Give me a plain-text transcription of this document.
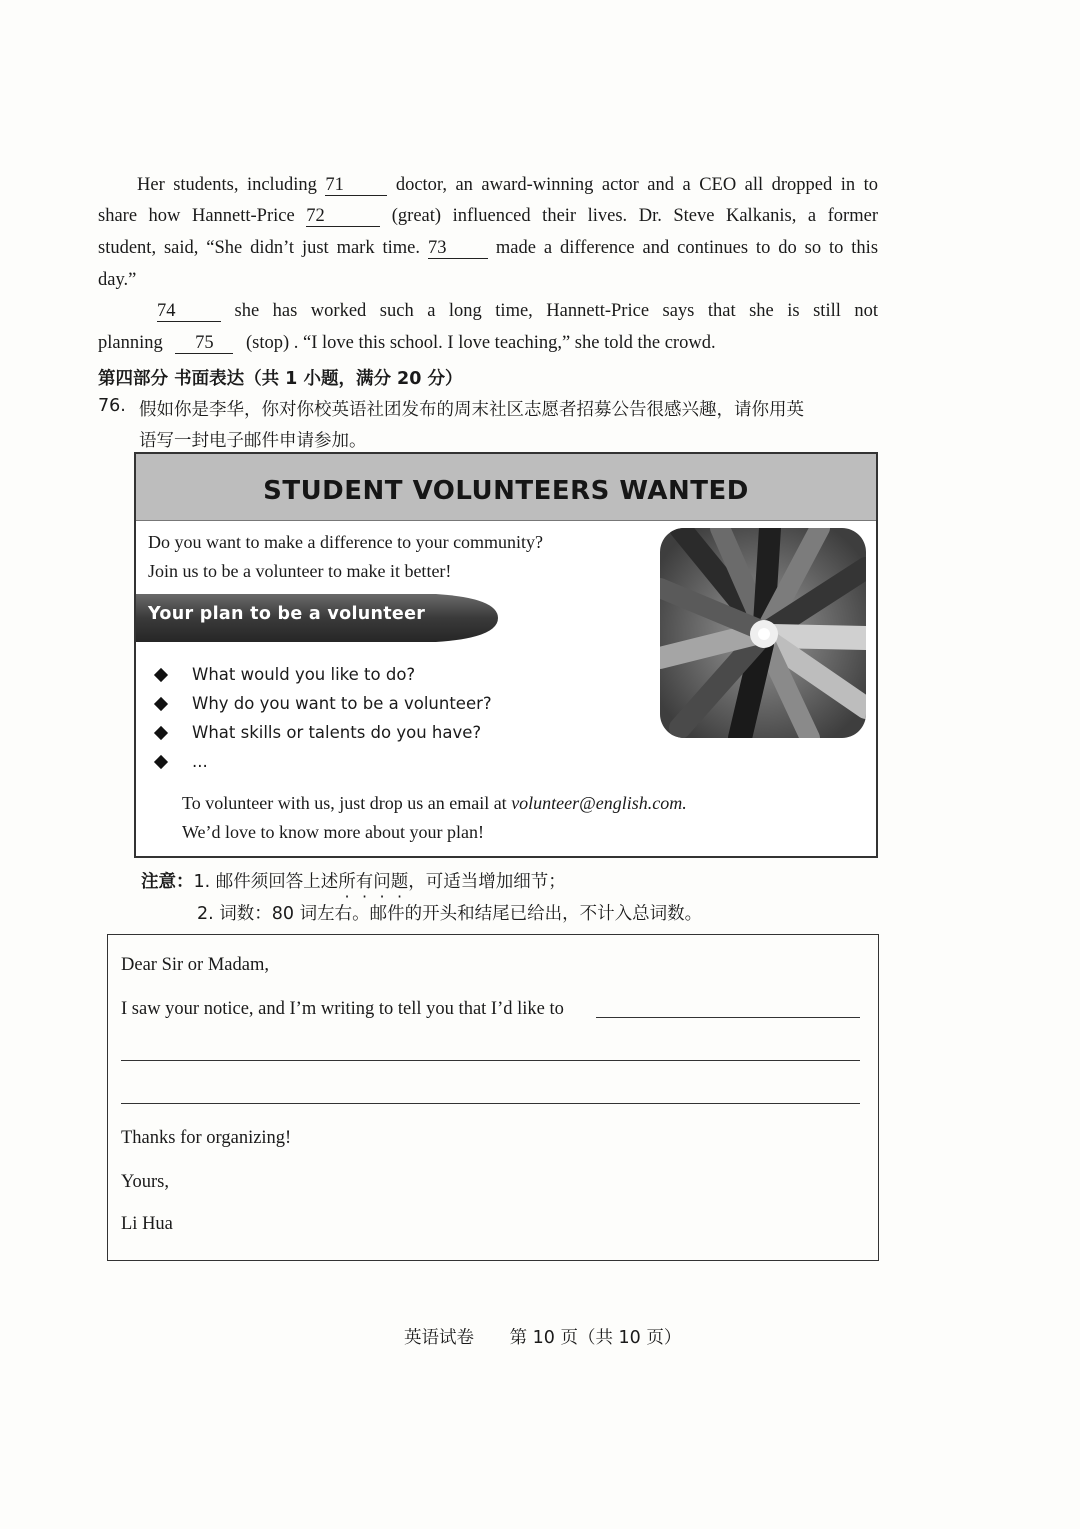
Her students, including 71	doctor, an award-winning actor and a CEO all dropped in to
share how Hannett-Price 72	(great) influenced their lives. Dr. Steve Kalkanis, a former
student, said, “She didn’t just mark time. 73	made a difference and continues to do so to this
day.”
74	she has worked such a long time, Hannett-Price says that she is still not
planning 75 (stop) . “I love this school. I love teaching,” she told the crowd.
第四部分 书面表达（共 1 小题，满分 20 分）
76. 假如你是李华，你对你校英语社团发布的周末社区志愿者招募公告很感兴趣，请你用英
语写一封电子邮件申请参加。
STUDENT VOLUNTEERS WANTED
Do you want to make a difference to your community?
Join us to be a volunteer to make it better!
Your plan to be a volunteer
What would you like to do?
Why do you want to be a volunteer?
What skills or talents do you have?
...
To volunteer with us, just drop us an email at volunteer@english.com.
We’d love to know more about your plan!
注意：1. 邮件须回答上述所有问题，可适当增加细节；
2. 词数：80 词左右。邮件的开头和结尾已给出，不计入总词数。
Dear Sir or Madam,
I saw your notice, and I’m writing to tell you that I’d like to
Thanks for organizing!
Yours,
Li Hua
英语试卷 第 10 页（共 10 页）
